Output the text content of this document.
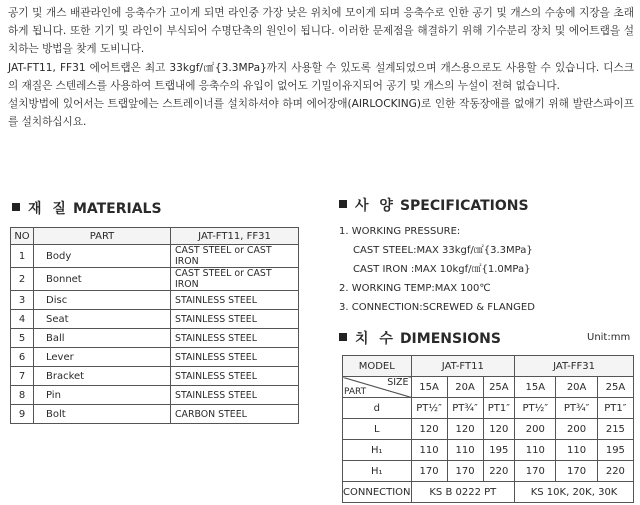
공기 및 개스 배관라인에 응축수가 고이게 되면 라인중 가장 낮은 위치에 모이게 되며 응축수로 인한 공기 및 개스의 수송에 지장을 초래하게 됩니다. 또한 기기 및 라인이 부식되어 수명단축의 원인이 됩니다. 이러한 문제점을 해결하기 위해 기수분리 장치 및 에어트랩을 설치하는 방법을 찾게 도비니다.

JAT-FT11, FF31 에어트랩은 최고 33kgf/㎠{3.3MPa}까지 사용할 수 있도록 설계되었으며 개스용으로도 사용할 수 있습니다. 디스크의 재질은 스텐레스를 사용하여 트랩내에 응축수의 유입이 없어도 기밀이유지되어 공기 및 개스의 누설이 전혀 없습니다.

설치방법에 있어서는 트랩앞에는 스트레이너를 설치하셔야 하며 에어장애(AIRLOCKING)로 인한 작동장애를 없애기 위해 발란스파이프를 설치하십시요.

재 질 MATERIALS
NO	PART	JAT-FT11, FF31
1	Body	CAST STEEL or CAST IRON
2	Bonnet	CAST STEEL or CAST IRON
3	Disc	STAINLESS STEEL
4	Seat	STAINLESS STEEL
5	Ball	STAINLESS STEEL
6	Lever	STAINLESS STEEL
7	Bracket	STAINLESS STEEL
8	Pin	STAINLESS STEEL
9	Bolt	CARBON STEEL
사 양 SPECIFICATIONS
1. WORKING PRESSURE:
CAST STEEL:MAX 33kgf/㎠{3.3MPa}
CAST IRON :MAX 10kgf/㎠{1.0MPa}
2. WORKING TEMP:MAX 100℃
3. CONNECTION:SCREWED & FLANGED
치 수 DIMENSIONS	Unit:mm
MODEL	JAT-FT11			JAT-FF31		

SIZE
PART	15A	20A	25A	15A	20A	25A
d	PT½″	PT¾″	PT1″	PT½″	PT¾″	PT1″
L	120	120	120	200	200	215
H₁	110	110	195	110	110	195
H₁	170	170	220	170	170	220
CONNECTION	KS B 0222 PT			KS 10K, 20K, 30K		
